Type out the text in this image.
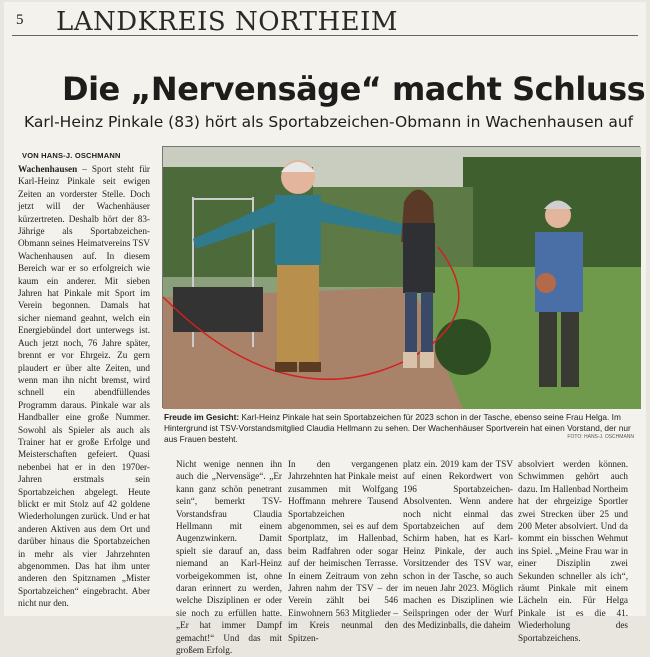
5 LANDKREIS NORTHEIM
Die „Nervensäge“ macht Schluss
Karl-Heinz Pinkale (83) hört als Sportabzeichen-Obmann in Wachenhausen auf
VON HANS-J. OSCHMANN
Wachenhausen – Sport steht für Karl-Heinz Pinkale seit ewigen Zeiten an vorderster Stelle. Doch jetzt will der Wachenhäuser kürzertreten. Deshalb hört der 83-Jährige als Sportabzeichen-Obmann seines Heimatvereins TSV Wachenhausen auf. In diesem Bereich war er so erfolgreich wie kaum ein anderer. Mit sieben Jahren hat Pinkale mit Sport im Verein begonnen. Damals hat sicher niemand geahnt, welch ein Energiebündel dort unterwegs ist. Auch jetzt noch, 76 Jahre später, brennt er vor Ehrgeiz. Zu gern plaudert er über alte Zeiten, und wenn man ihn nicht bremst, wird schnell ein abendfüllendes Programm daraus. Pinkale war als Handballer eine große Nummer. Sowohl als Spieler als auch als Trainer hat er große Erfolge und Meisterschaften gefeiert. Quasi nebenbei hat er in den 1970er-Jahren erstmals sein Sportabzeichen abgelegt. Heute blickt er mit Stolz auf 42 goldene Wiederholungen zurück. Und er hat anderen Aktiven aus dem Ort und darüber hinaus die Sportabzeichen in mehr als vier Jahrzehnten abgenommen. Das hat ihm unter anderen den Spitznamen „Mister Sportabzeichen“ eingebracht. Aber nicht nur den.
Freude im Gesicht: Karl-Heinz Pinkale hat sein Sportabzeichen für 2023 schon in der Tasche, ebenso seine Frau Helga. Im Hintergrund ist TSV-Vorstandsmitglied Claudia Hellmann zu sehen. Der Wachenhäuser Sportverein hat einen Vorstand, der nur aus Frauen besteht.	FOTO: HANS-J. OSCHMANN
Nicht wenige nennen ihn auch die „Nervensäge“. „Er kann ganz schön penetrant sein“, bemerkt TSV-Vorstandsfrau Claudia Hellmann mit einem Augenzwinkern. Damit spielt sie darauf an, dass niemand an Karl-Heinz vorbeigekommen ist, ohne daran erinnert zu werden, welche Disziplinen er oder sie noch zu erfüllen hatte. „Er hat immer Dampf gemacht!“ Und das mit großem Erfolg.
In den vergangenen Jahrzehnten hat Pinkale meist zusammen mit Wolfgang Hoffmann mehrere Tausend Sportabzeichen abgenommen, sei es auf dem Sportplatz, im Hallenbad, beim Radfahren oder sogar auf der heimischen Terrasse. In einem Zeitraum von zehn Jahren nahm der TSV – der Verein zählt bei 546 Einwohnern 563 Mitglieder – im Kreis neunmal den Spitzen-
platz ein. 2019 kam der TSV auf einen Rekordwert von 196 Sportabzeichen-Absolventen. Wenn andere noch nicht einmal das Sportabzeichen auf dem Schirm haben, hat es Karl-Heinz Pinkale, der auch Vorsitzender des TSV war, schon in der Tasche, so auch im neuen Jahr 2023. Möglich machen es Disziplinen wie Seilspringen oder der Wurf des Medizinballs, die daheim
absolviert werden können. Schwimmen gehört auch dazu. Im Hallenbad Northeim hat der ehrgeizige Sportler zwei Strecken über 25 und 200 Meter absolviert. Und da kommt ein bisschen Wehmut ins Spiel. „Meine Frau war in einer Disziplin zwei Sekunden schneller als ich“, räumt Pinkale mit einem Lächeln ein. Für Helga Pinkale ist es die 41. Wiederholung des Sportabzeichens.
